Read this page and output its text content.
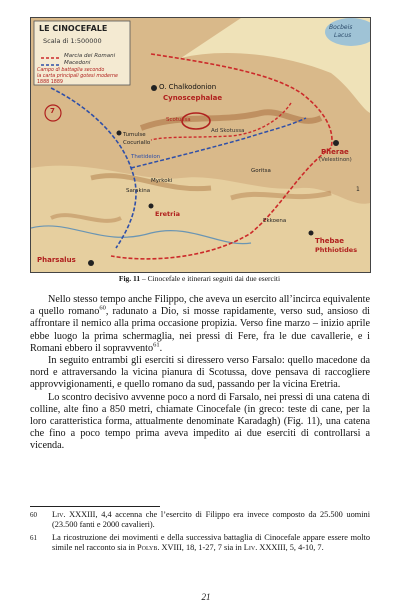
LE CINOCEFALE
Scala di 1:500000
Marcia dei Romani
Macedoni
Campo di battaglia secondo
la carta principali gotesi moderne
1888 1889
Bocbeis
Lacus
O. Chalkodonion
Cynoscephalae
Scotussa
Ad Skotussa
Tumulse
Cocuriallo
Thetideion
Pherae
(Velestinon)
Myrkoki
Sarakina
Goritsa
Eretria
Ekkoena
Thebae
Phthiotides
Pharsalus
7
1
Fig. 11 – Cinocefale e itinerari seguiti dai due eserciti

Nello stesso tempo anche Filippo, che aveva un esercito all’incirca equivalente a quello romano$^{60}$, radunato a Dio, si mosse rapidamente, verso sud, ansioso di affrontare il nemico alla prima occasione propizia. Verso fine marzo – inizio aprile ebbe luogo la prima schermaglia, nei pressi di Fere, fra le due cavallerie, e i Romani ebbero il sopravvento$^{61}$.

In seguito entrambi gli eserciti si diressero verso Farsalo: quello macedone da nord e attraversando la vicina pianura di Scotussa, dove pensava di raccogliere approvvigionamenti, e quello romano da sud, passando per la vicina Eretria.

Lo scontro decisivo avvenne poco a nord di Farsalo, nei pressi di una catena di colline, alte fino a 850 metri, chiamate Cinocefale (in greco: teste di cane, per la loro caratteristica forma, attualmente denominate Karadagh) (Fig. 11), una catena che fino a poco tempo prima aveva impedito ai due eserciti di controllarsi a vicenda.

60 Liv. XXXIII, 4,4 accenna che l’esercito di Filippo era invece composto da 25.500 uomini (23.500 fanti e 2000 cavalieri).
61 La ricostruzione dei movimenti e della successiva battaglia di Cinocefale appare essere molto simile nel racconto sia in Polyb. XVIII, 18, 1-27, 7 sia in Liv. XXXIII, 5, 4-10, 7.
21
